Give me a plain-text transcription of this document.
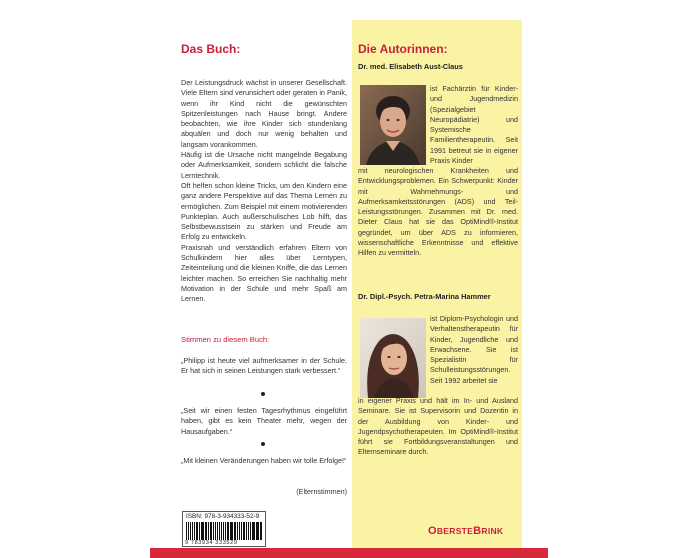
Das Buch:

Der Leistungsdruck wächst in unserer Gesellschaft. Viele Eltern sind verunsichert oder geraten in Panik, wenn ihr Kind nicht die gewünschten Spitzenleistungen nach Hause bringt. Andere beobachten, wie ihre Kinder sich stundenlang abquälen und doch nur wenig behalten und langsam vorankommen.

Häufig ist die Ursache nicht mangelnde Begabung oder Aufmerksamkeit, sondern schlicht die falsche Lerntechnik.

Oft helfen schon kleine Tricks, um den Kindern eine ganz andere Perspektive auf das Thema Lernen zu ermöglichen. Zum Beispiel mit einem motivierenden Punkteplan. Auch außerschulisches Lob hilft, das Selbstbewusstsein zu stärken und Freude am Erfolg zu entwickeln.

Praxisnah und verständlich erfahren Eltern von Schulkindern hier alles über Lerntypen, Zeiteinteilung und die kleinen Kniffe, die das Lernen leichter machen. So erreichen Sie nachhaltig mehr Motivation in der Schule und mehr Spaß am Lernen.

Stimmen zu diesem Buch:
„Philipp ist heute viel aufmerksamer in der Schule. Er hat sich in seinen Leistungen stark verbessert.“
„Seit wir einen festen Tagesrhythmus eingeführt haben, gibt es kein Theater mehr, wegen der Hausaufgaben.“
„Mit kleinen Veränderungen haben wir tolle Erfolge!“
(Elternstimmen)
ISBN: 978-3-934333-52-9
9 783934 333529
Die Autorinnen:
Dr. med. Elisabeth Aust-Claus
ist Fachärztin für Kinder- und Jugendmedizin (Spezialgebiet Neuropädiatrie) und Systemische Familientherapeutin. Seit 1991 betreut sie in eigener Praxis Kinder
mit neurologischen Krankheiten und Entwicklungsproblemen. Ein Schwerpunkt: Kinder mit Wahrnehmungs- und Aufmerksamkeitsstörungen (ADS) und Teil-Leistungsstörungen. Zusammen mit Dr. med. Dieter Claus hat sie das OptiMind®-Institut gegründet, um über ADS zu informieren, wissenschaftliche Erkenntnisse und effektive Hilfen zu vermitteln.
Dr. Dipl.-Psych. Petra-Marina Hammer
ist Diplom-Psychologin und Verhaltenstherapeutin für Kinder, Jugendliche und Erwachsene. Sie ist Spezialistin für Schulleistungsstörungen. Seit 1992 arbeitet sie
in eigener Praxis und hält im In- und Ausland Seminare. Sie ist Supervisorin und Dozentin in der Ausbildung von Kinder- und Jugendpsychotherapeuten. Im OptiMind®-Institut führt sie Fortbildungsveranstaltungen und Elternseminare durch.
OBERSTEBRINK
